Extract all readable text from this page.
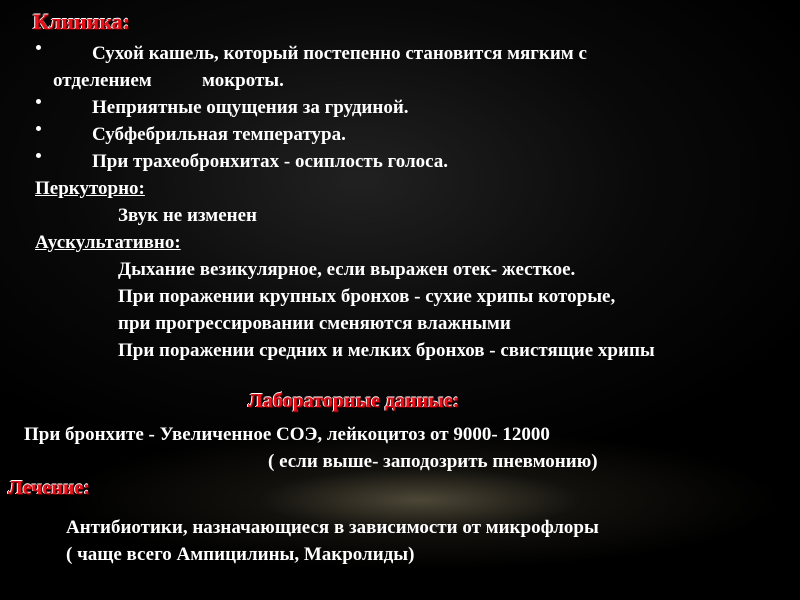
Клиника:
Сухой кашель, который постепенно становится мягким с
отделением	мокроты.
Неприятные ощущения за грудиной.
Субфебрильная температура.
При трахеобронхитах - осиплость голоса.
Перкуторно:
Звук не изменен
Аускультативно:
Дыхание везикулярное, если выражен отек- жесткое.
При поражении крупных бронхов - сухие хрипы которые,
при прогрессировании сменяются влажными
При поражении средних и мелких бронхов - свистящие хрипы
Лабораторные данные:
При бронхите - Увеличенное СОЭ, лейкоцитоз от 9000- 12000
( если выше- заподозрить пневмонию)
Лечение:
Антибиотики, назначающиеся в зависимости от микрофлоры
( чаще всего Ампицилины, Макролиды)
